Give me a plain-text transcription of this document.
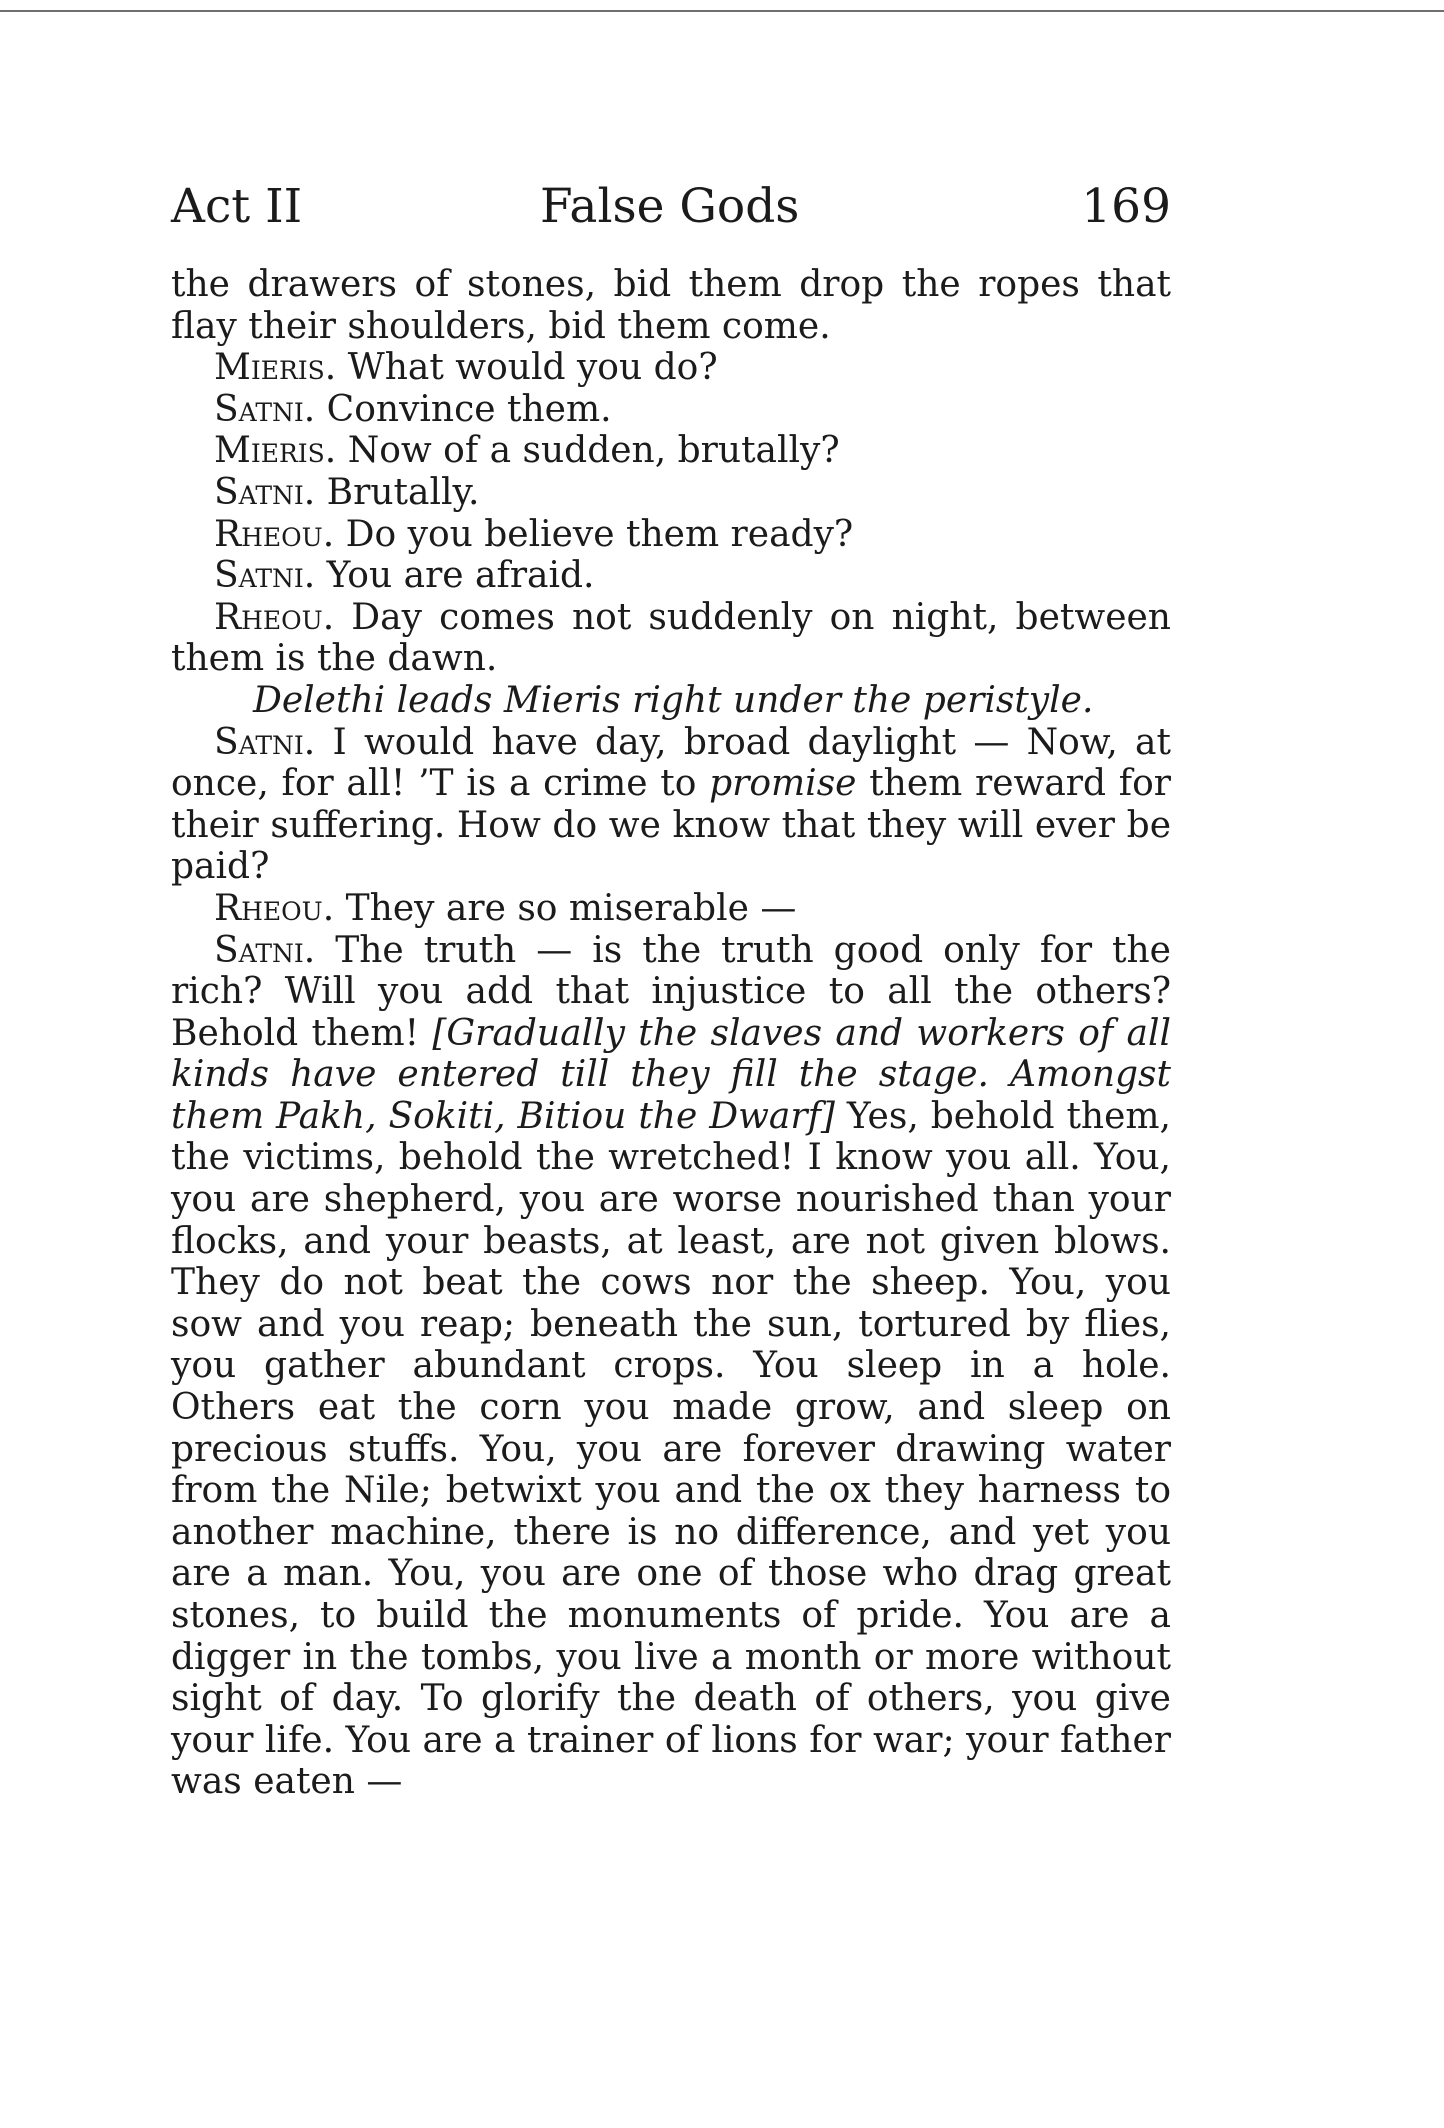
Act II	False Gods	169

the drawers of stones, bid them drop the ropes that flay their shoulders, bid them come.

Mieris. What would you do?

Satni. Convince them.

Mieris. Now of a sudden, brutally?

Satni. Brutally.

Rheou. Do you believe them ready?

Satni. You are afraid.

Rheou. Day comes not suddenly on night, between them is the dawn.

Delethi leads Mieris right under the peristyle.

Satni. I would have day, broad daylight — Now, at once, for all! ’T is a crime to promise them reward for their suffering. How do we know that they will ever be paid?

Rheou. They are so miserable —

Satni. The truth — is the truth good only for the rich? Will you add that injustice to all the others? Behold them! [Gradually the slaves and workers of all kinds have entered till they fill the stage. Amongst them Pakh, Sokiti, Bitiou the Dwarf] Yes, behold them, the victims, behold the wretched! I know you all. You, you are shepherd, you are worse nourished than your flocks, and your beasts, at least, are not given blows. They do not beat the cows nor the sheep. You, you sow and you reap; beneath the sun, tortured by flies, you gather abundant crops. You sleep in a hole. Others eat the corn you made grow, and sleep on precious stuffs. You, you are forever drawing water from the Nile; betwixt you and the ox they harness to another machine, there is no difference, and yet you are a man. You, you are one of those who drag great stones, to build the monuments of pride. You are a digger in the tombs, you live a month or more without sight of day. To glorify the death of others, you give your life. You are a trainer of lions for war; your father was eaten —
